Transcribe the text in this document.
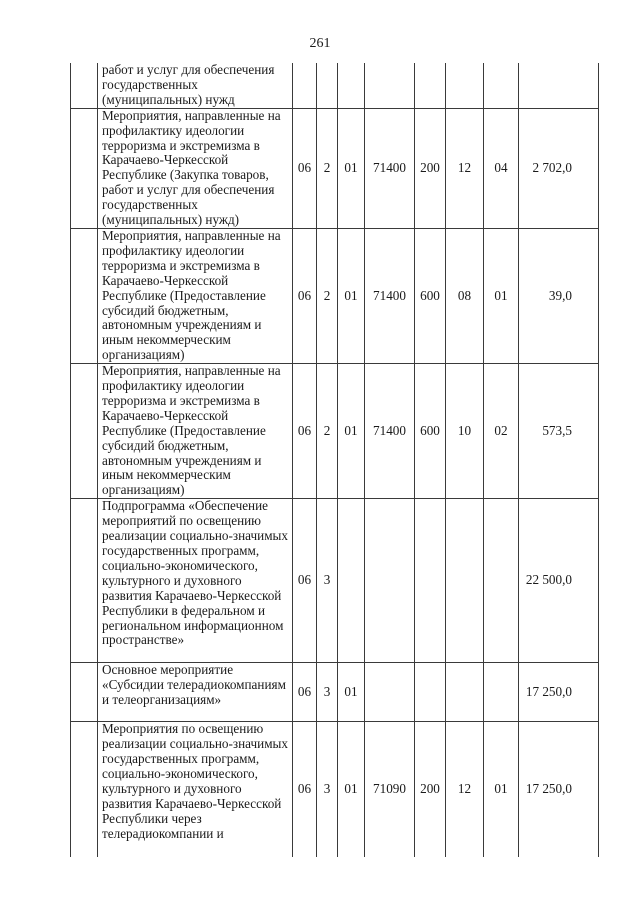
261
	работ и услуг для обеспечения государственных (муниципальных) нужд								
	Мероприятия, направленные на профилактику идеологии терроризма и экстремизма в Карачаево-Черкесской Республике (Закупка товаров, работ и услуг для обеспечения государственных (муниципальных) нужд)	06	2	01	71400	200	12	04	2 702,0
	Мероприятия, направленные на профилактику идеологии терроризма и экстремизма в Карачаево-Черкесской Республике (Предоставление субсидий бюджетным, автономным учреждениям и иным некоммерческим организациям)	06	2	01	71400	600	08	01	39,0
	Мероприятия, направленные на профилактику идеологии терроризма и экстремизма в Карачаево-Черкесской Республике (Предоставление субсидий бюджетным, автономным учреждениям и иным некоммерческим организациям)	06	2	01	71400	600	10	02	573,5
	Подпрограмма «Обеспечение мероприятий по освещению реализации социально-значимых государственных программ, социально-экономического, культурного и духовного развития Карачаево-Черкесской Республики в федеральном и региональном информационном пространстве»	06	3						22 500,0
	Основное мероприятие «Субсидии телерадиокомпаниям и телеорганизациям»	06	3	01					17 250,0
	Мероприятия по освещению реализации социально-значимых государственных программ, социально-экономического, культурного и духовного развития Карачаево-Черкесской Республики через телерадиокомпании и	06	3	01	71090	200	12	01	17 250,0
